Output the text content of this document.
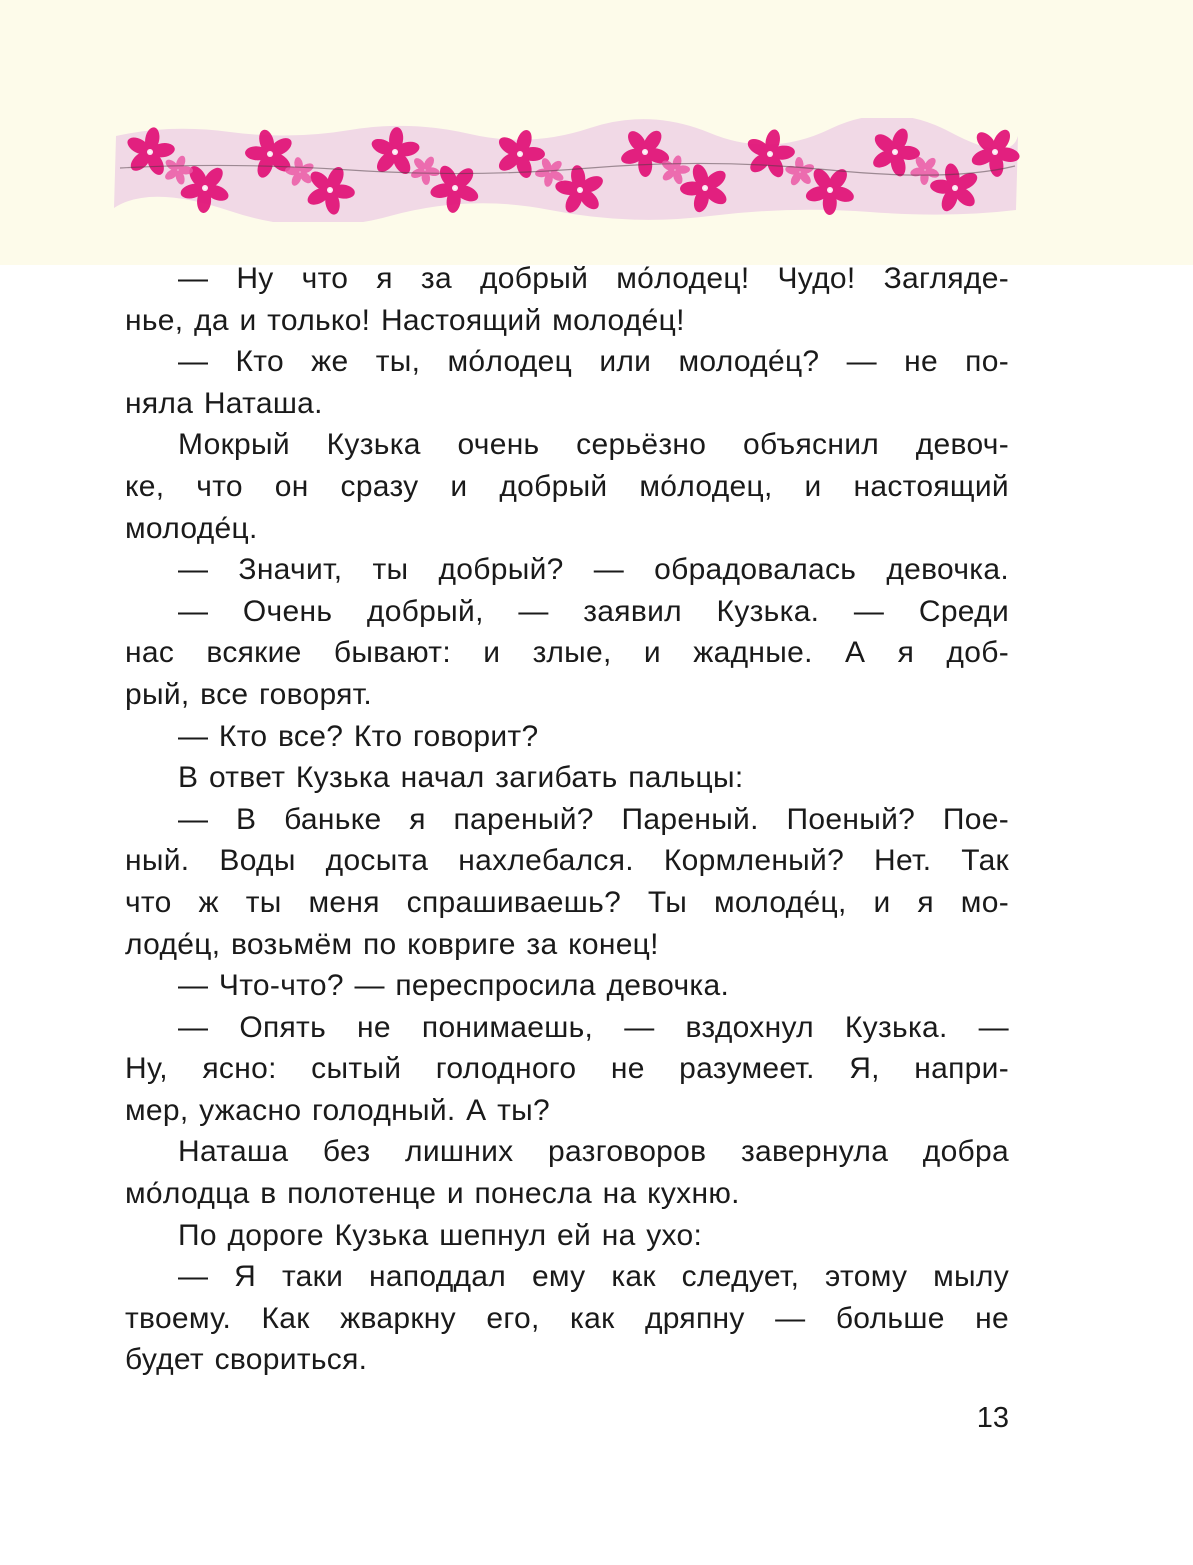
— Ну что я за добрый мо́лодец! Чудо! Загляде-
нье, да и только! Настоящий молоде́ц!
— Кто же ты, мо́лодец или молоде́ц? — не по-
няла Наташа.
Мокрый Кузька очень серьёзно объяснил девоч-
ке, что он сразу и добрый мо́лодец, и настоящий
молоде́ц.
— Значит, ты добрый? — обрадовалась девочка.
— Очень добрый, — заявил Кузька. — Среди
нас всякие бывают: и злые, и жадные. А я доб-
рый, все говорят.
— Кто все? Кто говорит?
В ответ Кузька начал загибать пальцы:
— В баньке я пареный? Пареный. Поеный? Пое-
ный. Воды досыта нахлебался. Кормленый? Нет. Так
что ж ты меня спрашиваешь? Ты молоде́ц, и я мо-
лоде́ц, возьмём по ковриге за конец!
— Что-что? — переспросила девочка.
— Опять не понимаешь, — вздохнул Кузька. —
Ну, ясно: сытый голодного не разумеет. Я, напри-
мер, ужасно голодный. А ты?
Наташа без лишних разговоров завернула добра
мо́лодца в полотенце и понесла на кухню.
По дороге Кузька шепнул ей на ухо:
— Я таки наподдал ему как следует, этому мылу
твоему. Как жваркну его, как дряпну — больше не
будет свориться.
13
